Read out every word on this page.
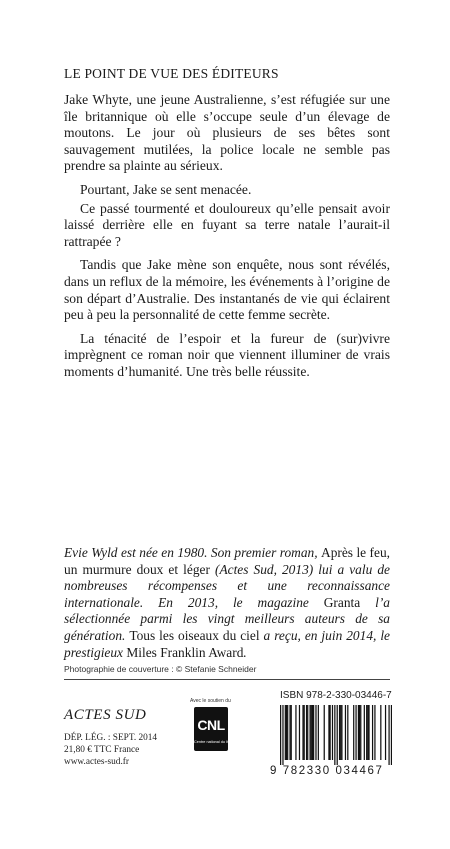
LE POINT DE VUE DES ÉDITEURS

Jake Whyte, une jeune Australienne, s’est réfugiée sur une île britannique où elle s’occupe seule d’un élevage de moutons. Le jour où plusieurs de ses bêtes sont sauvagement mutilées, la police locale ne semble pas prendre sa plainte au sérieux.

Pourtant, Jake se sent menacée.

Ce passé tourmenté et douloureux qu’elle pensait avoir laissé derrière elle en fuyant sa terre natale l’aurait-il rattrapée ?

Tandis que Jake mène son enquête, nous sont révélés, dans un reflux de la mémoire, les événements à l’origine de son départ d’Australie. Des instantanés de vie qui éclairent peu à peu la personnalité de cette femme secrète.

La ténacité de l’espoir et la fureur de (sur)vivre imprègnent ce roman noir que viennent illuminer de vrais moments d’humanité. Une très belle réussite.

Evie Wyld est née en 1980. Son premier roman, Après le feu, un murmure doux et léger (Actes Sud, 2013) lui a valu de nombreuses récompenses et une reconnaissance internationale. En 2013, le magazine Granta l’a sélectionnée parmi les vingt meilleurs auteurs de sa génération. Tous les oiseaux du ciel a reçu, en juin 2014, le prestigieux Miles Franklin Award.
Photographie de couverture : © Stefanie Schneider
ACTES SUD
DÉP. LÉG. : SEPT. 2014
21,80 € TTC France
www.actes-sud.fr
Avec le soutien du
CNL
Centre national du livre
ISBN 978-2-330-03446-7
9 782330 034467
